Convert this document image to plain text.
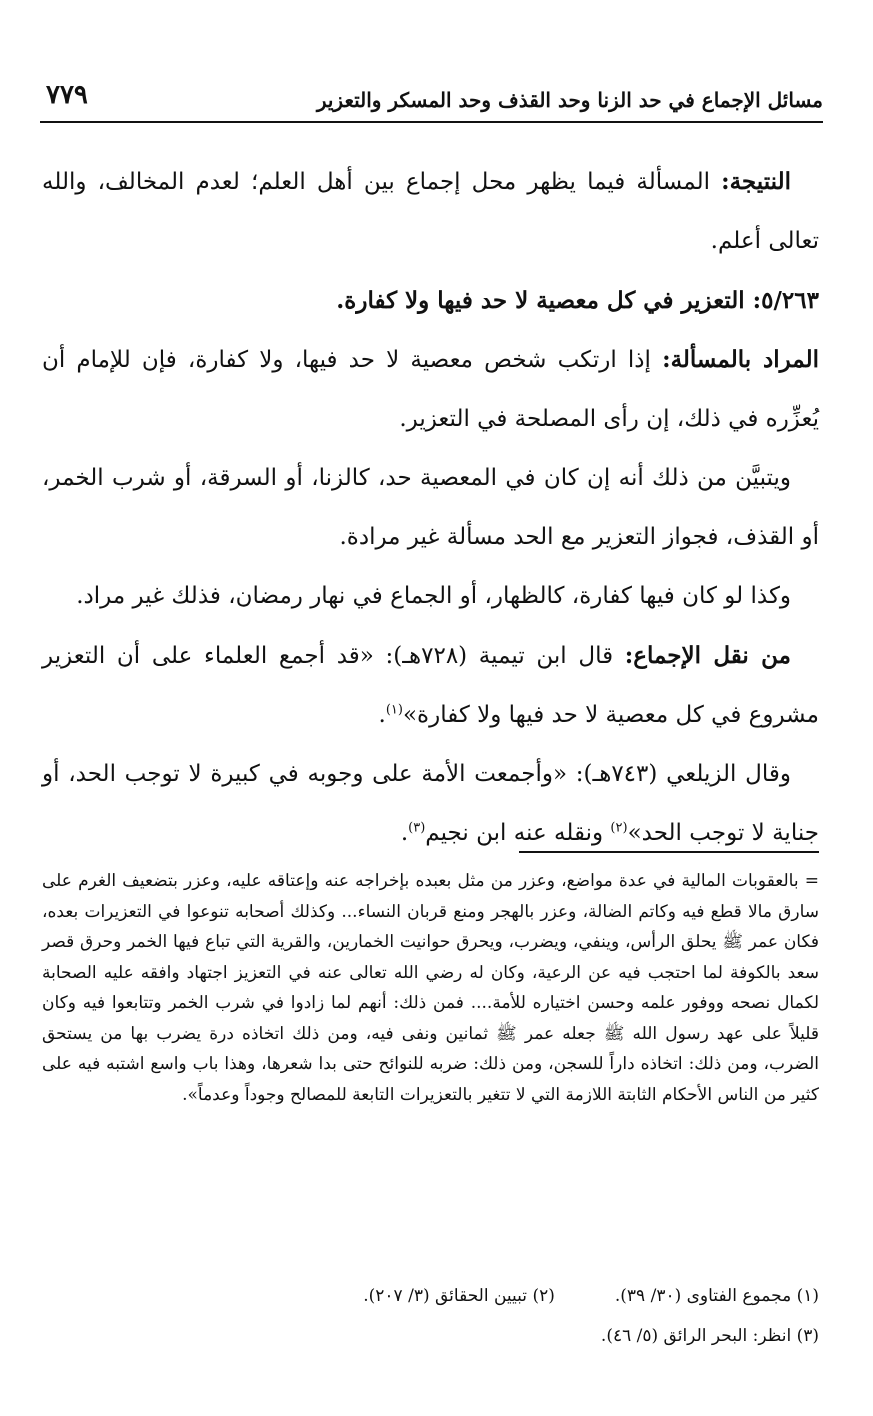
مسائل الإجماع في حد الزنا وحد القذف وحد المسكر والتعزير
٧٧٩

النتيجة: المسألة فيما يظهر محل إجماع بين أهل العلم؛ لعدم المخالف، والله تعالى أعلم.

٥/٢٦٣: التعزير في كل معصية لا حد فيها ولا كفارة.

المراد بالمسألة: إذا ارتكب شخص معصية لا حد فيها، ولا كفارة، فإن للإمام أن يُعزِّره في ذلك، إن رأى المصلحة في التعزير.

ويتبيَّن من ذلك أنه إن كان في المعصية حد، كالزنا، أو السرقة، أو شرب الخمر، أو القذف، فجواز التعزير مع الحد مسألة غير مرادة.

وكذا لو كان فيها كفارة، كالظهار، أو الجماع في نهار رمضان، فذلك غير مراد.

من نقل الإجماع: قال ابن تيمية (٧٢٨هـ): «قد أجمع العلماء على أن التعزير مشروع في كل معصية لا حد فيها ولا كفارة»$^{(١)}$.

وقال الزيلعي (٧٤٣هـ): «وأجمعت الأمة على وجوبه في كبيرة لا توجب الحد، أو جناية لا توجب الحد»$^{(٢)}$ ونقله عنه ابن نجيم$^{(٣)}$.

= بالعقوبات المالية في عدة مواضع، وعزر من مثل بعبده بإخراجه عنه وإعتاقه عليه، وعزر بتضعيف الغرم على سارق مالا قطع فيه وكاتم الضالة، وعزر بالهجر ومنع قربان النساء... وكذلك أصحابه تنوعوا في التعزيرات بعده، فكان عمر ﷺ يحلق الرأس، وينفي، ويضرب، ويحرق حوانيت الخمارين، والقرية التي تباع فيها الخمر وحرق قصر سعد بالكوفة لما احتجب فيه عن الرعية، وكان له رضي الله تعالى عنه في التعزيز اجتهاد وافقه عليه الصحابة لكمال نصحه ووفور علمه وحسن اختياره للأمة.... فمن ذلك: أنهم لما زادوا في شرب الخمر وتتابعوا فيه وكان قليلاً على عهد رسول الله ﷺ جعله عمر ﷺ ثمانين ونفى فيه، ومن ذلك اتخاذه درة يضرب بها من يستحق الضرب، ومن ذلك: اتخاذه داراً للسجن، ومن ذلك: ضربه للنوائح حتى بدا شعرها، وهذا باب واسع اشتبه فيه على كثير من الناس الأحكام الثابتة اللازمة التي لا تتغير بالتعزيرات التابعة للمصالح وجوداً وعدماً».

(١) مجموع الفتاوى (٣٠/ ٣٩).
(٢) تبيين الحقائق (٣/ ٢٠٧).
(٣) انظر: البحر الرائق (٥/ ٤٦).
